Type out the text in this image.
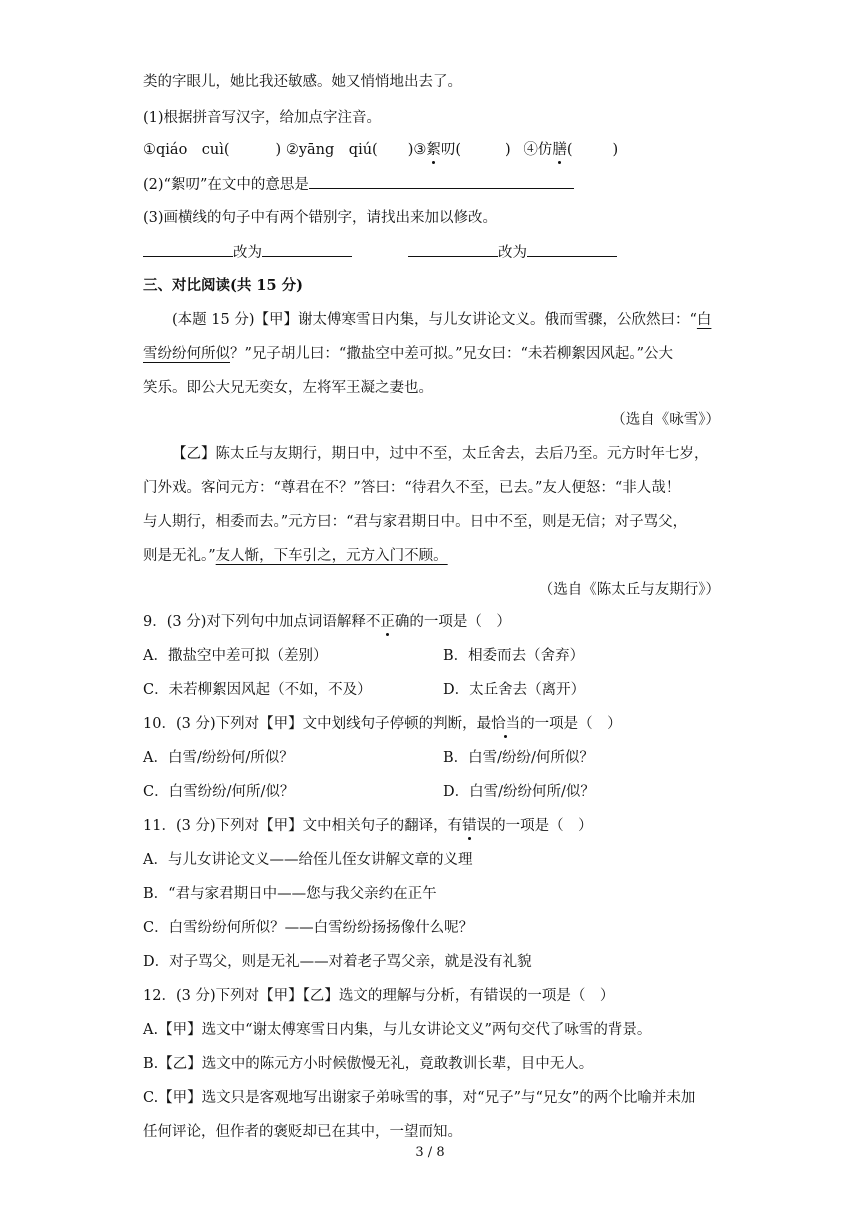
类的字眼儿，她比我还敏感。她又悄悄地出去了。
(1)根据拼音写汉字，给加点字注音。
①qiáo　cuì(	) ②yāng　qiú( )③絮叨(	) ④仿膳(	)
(2)“絮叨”在文中的意思是
(3)画横线的句子中有两个错别字，请找出来加以修改。
改为	改为
三、对比阅读(共 15 分)
(本题 15 分)【甲】谢太傅寒雪日内集，与儿女讲论文义。俄而雪骤，公欣然曰：“白
雪纷纷何所似？”兄子胡儿曰：“撒盐空中差可拟。”兄女曰：“未若柳絮因风起。”公大
笑乐。即公大兄无奕女，左将军王凝之妻也。
（选自《咏雪》）
【乙】陈太丘与友期行，期日中，过中不至，太丘舍去，去后乃至。元方时年七岁，
门外戏。客问元方：“尊君在不？”答曰：“待君久不至，已去。”友人便怒：“非人哉！
与人期行，相委而去。”元方曰：“君与家君期日中。日中不至，则是无信；对子骂父，
则是无礼。”友人惭，下车引之，元方入门不顾。
（选自《陈太丘与友期行》）
9．(3 分)对下列句中加点词语解释不正确的一项是（　）
A．撒盐空中差可拟（差别）	B．相委而去（舍弃）
C．未若柳絮因风起（不如，不及）	D．太丘舍去（离开）
10．(3 分)下列对【甲】文中划线句子停顿的判断，最恰当的一项是（　）
A．白雪/纷纷何/所似？	B．白雪/纷纷/何所似？
C．白雪纷纷/何所/似？	D．白雪/纷纷何所/似？
11．(3 分)下列对【甲】文中相关句子的翻译，有错误的一项是（　）
A．与儿女讲论文义——给侄儿侄女讲解文章的义理
B．“君与家君期日中——您与我父亲约在正午
C．白雪纷纷何所似？——白雪纷纷扬扬像什么呢？
D．对子骂父，则是无礼——对着老子骂父亲，就是没有礼貌
12．(3 分)下列对【甲】【乙】选文的理解与分析，有错误的一项是（　）
A.【甲】选文中“谢太傅寒雪日内集，与儿女讲论文义”两句交代了咏雪的背景。
B.【乙】选文中的陈元方小时候傲慢无礼，竟敢教训长辈，目中无人。
C.【甲】选文只是客观地写出谢家子弟咏雪的事，对“兄子”与“兄女”的两个比喻并未加
任何评论，但作者的褒贬却已在其中，一望而知。
3 / 8
